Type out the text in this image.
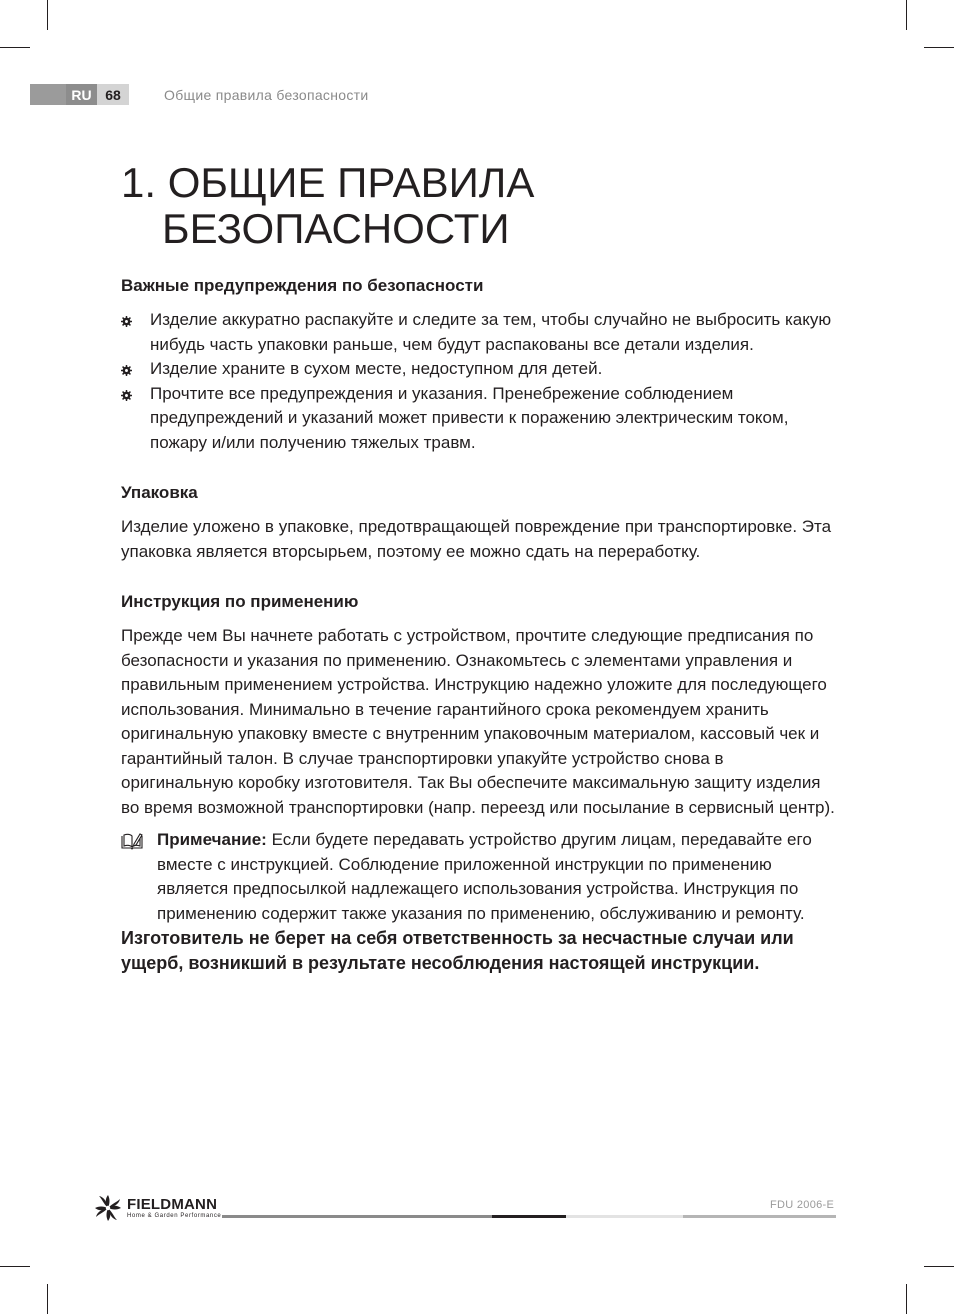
RU 68	Общие правила безопасности
1. ОБЩИЕ ПРАВИЛА
БЕЗОПАСНОСТИ
Важные предупреждения по безопасности
Изделие аккуратно распакуйте и следите за тем, чтобы случайно не выбросить какую нибудь часть упаковки раньше, чем будут распакованы все детали изделия.
Изделие храните в сухом месте, недоступном для детей.
Прочтите все предупреждения и указания. Пренебрежение соблюдением предупреждений и указаний может привести к поражению электрическим током, пожару и/или получению тяжелых травм.
Упаковка

Изделие уложено в упаковке, предотвращающей повреждение при транспортировке. Эта упаковка является вторсырьем, поэтому ее можно сдать на переработку.

Инструкция по применению

Прежде чем Вы начнете работать с устройством, прочтите следующие предписания по безопасности и указания по применению. Ознакомьтесь с элементами управления и правильным применением устройства. Инструкцию надежно уложите для последующего использования. Минимально в течение гарантийного срока рекомендуем хранить оригинальную упаковку вместе с внутренним упаковочным материалом, кассовый чек и гарантийный талон. В случае транспортировки упакуйте устройство снова в оригинальную коробку изготовителя. Так Вы обеспечите максимальную защиту изделия во время возможной транспортировки (напр. переезд или посылание в сервисный центр).

Примечание: Если будете передавать устройство другим лицам, передавайте его вместе с инструкцией. Соблюдение приложенной инструкции по применению является предпосылкой надлежащего использования устройства. Инструкция по применению содержит также указания по применению, обслуживанию и ремонту.

Изготовитель не берет на себя ответственность за несчастные случаи или ущерб, возникший в результате несоблюдения настоящей инструкции.

FIELDMANN
Home & Garden Performance
FDU 2006-E
